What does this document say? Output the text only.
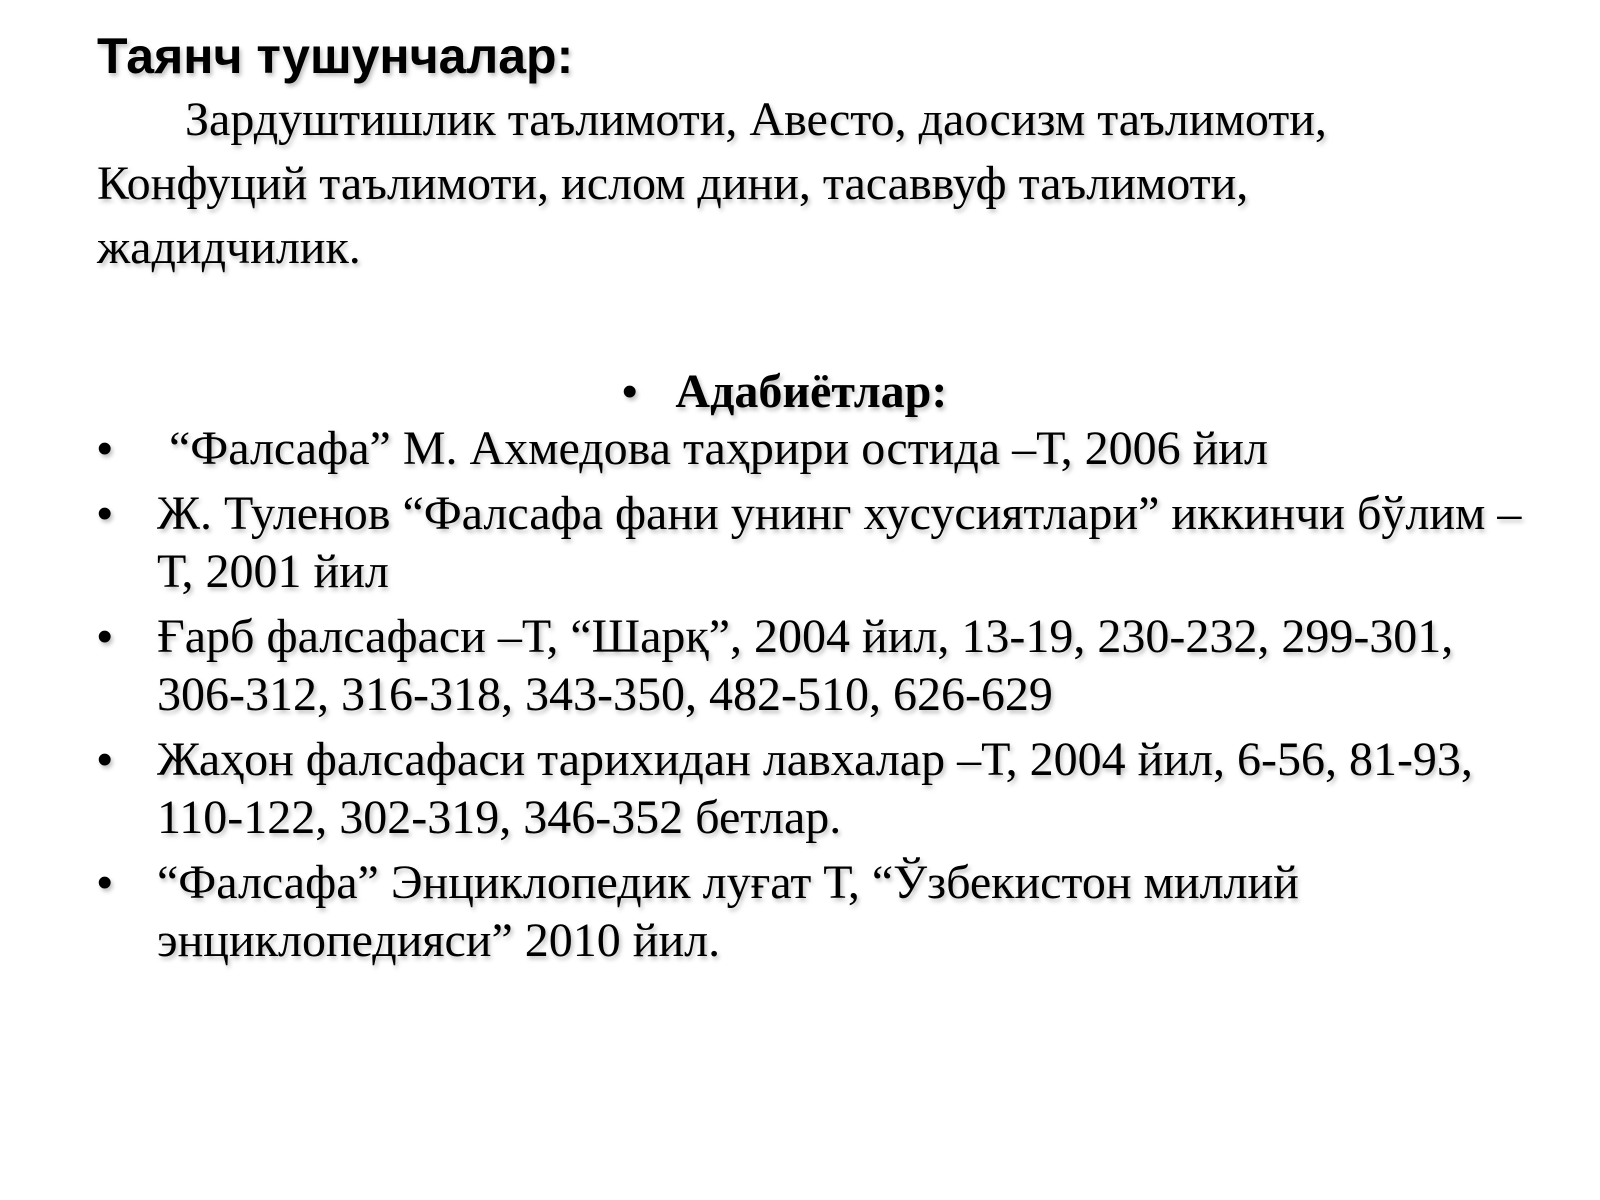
Таянч тушунчалар:

Зардуштишлик таълимоти, Авесто, даосизм таълимоти, Конфуций таълимоти, ислом дини, тасаввуф таълимоти, жадидчилик.

• Адабиётлар:
• “Фалсафа” М. Ахмедова таҳрири остида –Т, 2006 йил
• Ж. Туленов “Фалсафа фани унинг хусусиятлари” иккинчи бўлим –Т, 2001 йил
• Ғарб фалсафаси –Т, “Шарқ”, 2004 йил, 13-19, 230-232, 299-301, 306-312, 316-318, 343-350, 482-510, 626-629
• Жаҳон фалсафаси тарихидан лавхалар –Т, 2004 йил, 6-56, 81-93, 110-122, 302-319, 346-352 бетлар.
• “Фалсафа” Энциклопедик луғат Т, “Ўзбекистон миллий энциклопедияси” 2010 йил.
